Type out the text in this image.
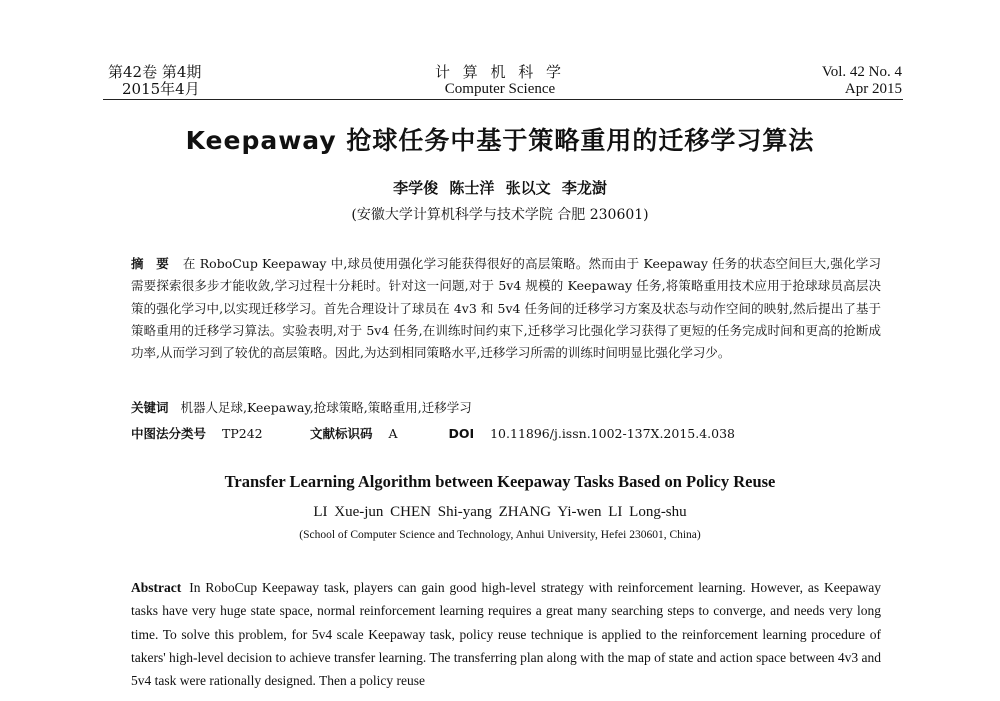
第42卷 第4期
2015年4月
计 算 机 科 学
Computer Science
Vol. 42 No. 4
Apr 2015
Keepaway 抢球任务中基于策略重用的迁移学习算法
李学俊 陈士洋 张以文 李龙澍
(安徽大学计算机科学与技术学院 合肥 230601)
摘 要 在 RoboCup Keepaway 中,球员使用强化学习能获得很好的高层策略。然而由于 Keepaway 任务的状态空间巨大,强化学习需要探索很多步才能收敛,学习过程十分耗时。针对这一问题,对于 5v4 规模的 Keepaway 任务,将策略重用技术应用于抢球球员高层决策的强化学习中,以实现迁移学习。首先合理设计了球员在 4v3 和 5v4 任务间的迁移学习方案及状态与动作空间的映射,然后提出了基于策略重用的迁移学习算法。实验表明,对于 5v4 任务,在训练时间约束下,迁移学习比强化学习获得了更短的任务完成时间和更高的抢断成功率,从而学习到了较优的高层策略。因此,为达到相同策略水平,迁移学习所需的训练时间明显比强化学习少。
关键词 机器人足球,Keepaway,抢球策略,策略重用,迁移学习
中图法分类号 TP242	文献标识码 A	DOI 10.11896/j.issn.1002-137X.2015.4.038
Transfer Learning Algorithm between Keepaway Tasks Based on Policy Reuse
LI Xue-jun CHEN Shi-yang ZHANG Yi-wen LI Long-shu
(School of Computer Science and Technology, Anhui University, Hefei 230601, China)
Abstract In RoboCup Keepaway task, players can gain good high-level strategy with reinforcement learning. However, as Keepaway tasks have very huge state space, normal reinforcement learning requires a great many searching steps to converge, and needs very long time. To solve this problem, for 5v4 scale Keepaway task, policy reuse technique is applied to the reinforcement learning procedure of takers' high-level decision to achieve transfer learning. The transferring plan along with the map of state and action space between 4v3 and 5v4 task were rationally designed. Then a policy reuse
